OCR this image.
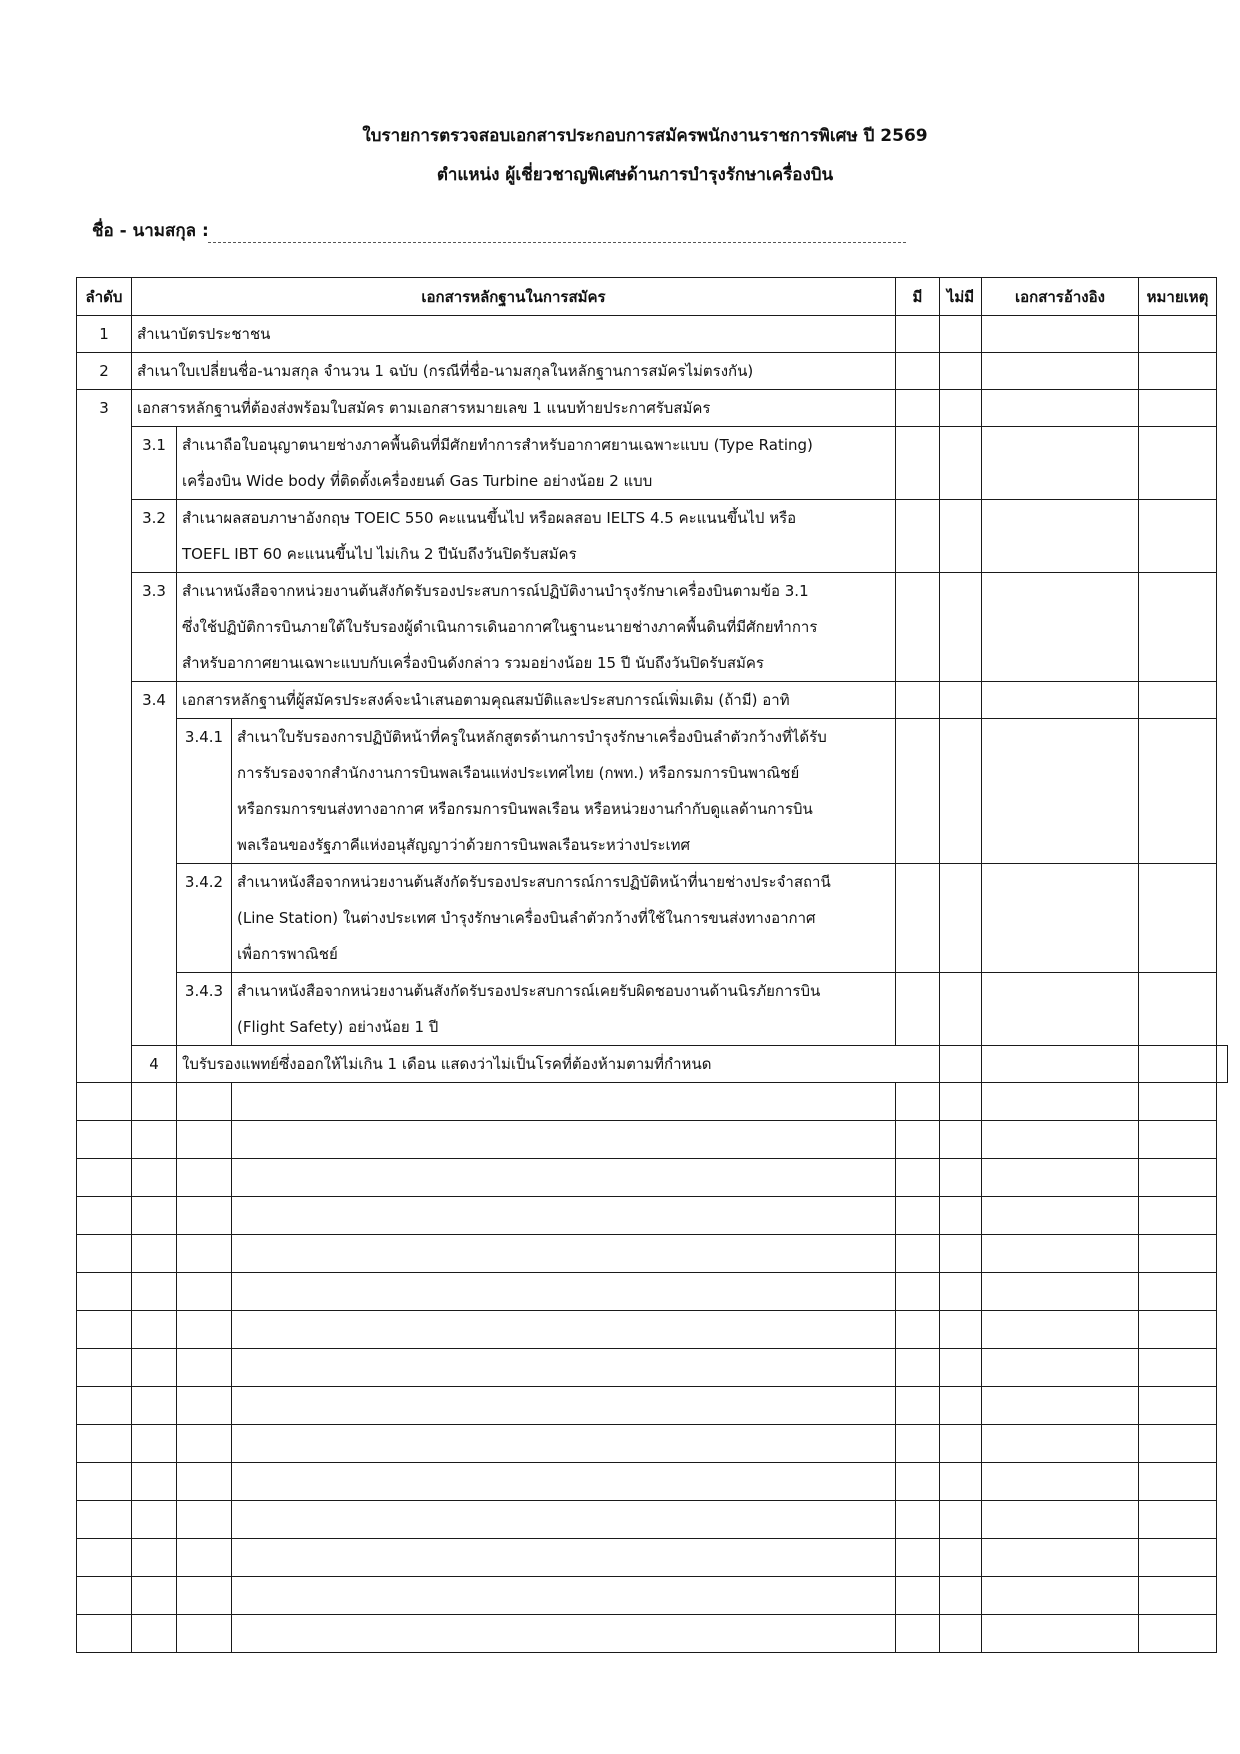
ใบรายการตรวจสอบเอกสารประกอบการสมัครพนักงานราชการพิเศษ ปี 2569
ตำแหน่ง ผู้เชี่ยวชาญพิเศษด้านการบำรุงรักษาเครื่องบิน
ชื่อ - นามสกุล :
ลำดับ	เอกสารหลักฐานในการสมัคร			มี	ไม่มี	เอกสารอ้างอิง	หมายเหตุ	
1	สำเนาบัตรประชาชน							
2	สำเนาใบเปลี่ยนชื่อ-นามสกุล จำนวน 1 ฉบับ (กรณีที่ชื่อ-นามสกุลในหลักฐานการสมัครไม่ตรงกัน)							
3	เอกสารหลักฐานที่ต้องส่งพร้อมใบสมัคร ตามเอกสารหมายเลข 1 แนบท้ายประกาศรับสมัคร							
	3.1	สำเนาถือใบอนุญาตนายช่างภาคพื้นดินที่มีศักยทำการสำหรับอากาศยานเฉพาะแบบ (Type Rating)
เครื่องบิน Wide body ที่ติดตั้งเครื่องยนต์ Gas Turbine อย่างน้อย 2 แบบ						

	3.2	สำเนาผลสอบภาษาอังกฤษ TOEIC 550 คะแนนขึ้นไป หรือผลสอบ IELTS 4.5 คะแนนขึ้นไป หรือ
TOEFL IBT 60 คะแนนขึ้นไป ไม่เกิน 2 ปีนับถึงวันปิดรับสมัคร						

	3.3	สำเนาหนังสือจากหน่วยงานต้นสังกัดรับรองประสบการณ์ปฏิบัติงานบำรุงรักษาเครื่องบินตามข้อ 3.1
ซึ่งใช้ปฏิบัติการบินภายใต้ใบรับรองผู้ดำเนินการเดินอากาศในฐานะนายช่างภาคพื้นดินที่มีศักยทำการ
สำหรับอากาศยานเฉพาะแบบกับเครื่องบินดังกล่าว รวมอย่างน้อย 15 ปี นับถึงวันปิดรับสมัคร						

	3.4	เอกสารหลักฐานที่ผู้สมัครประสงค์จะนำเสนอตามคุณสมบัติและประสบการณ์เพิ่มเติม (ถ้ามี) อาทิ						
		3.4.1	สำเนาใบรับรองการปฏิบัติหน้าที่ครูในหลักสูตรด้านการบำรุงรักษาเครื่องบินลำตัวกว้างที่ได้รับ
การรับรองจากสำนักงานการบินพลเรือนแห่งประเทศไทย (กพท.) หรือกรมการบินพาณิชย์
หรือกรมการขนส่งทางอากาศ หรือกรมการบินพลเรือน หรือหน่วยงานกำกับดูแลด้านการบิน
พลเรือนของรัฐภาคีแห่งอนุสัญญาว่าด้วยการบินพลเรือนระหว่างประเทศ					

		3.4.2	สำเนาหนังสือจากหน่วยงานต้นสังกัดรับรองประสบการณ์การปฏิบัติหน้าที่นายช่างประจำสถานี
(Line Station) ในต่างประเทศ บำรุงรักษาเครื่องบินลำตัวกว้างที่ใช้ในการขนส่งทางอากาศ
เพื่อการพาณิชย์					

		3.4.3	สำเนาหนังสือจากหน่วยงานต้นสังกัดรับรองประสบการณ์เคยรับผิดชอบงานด้านนิรภัยการบิน
(Flight Safety) อย่างน้อย 1 ปี					

	4	ใบรับรองแพทย์ซึ่งออกให้ไม่เกิน 1 เดือน แสดงว่าไม่เป็นโรคที่ต้องห้ามตามที่กำหนด						
